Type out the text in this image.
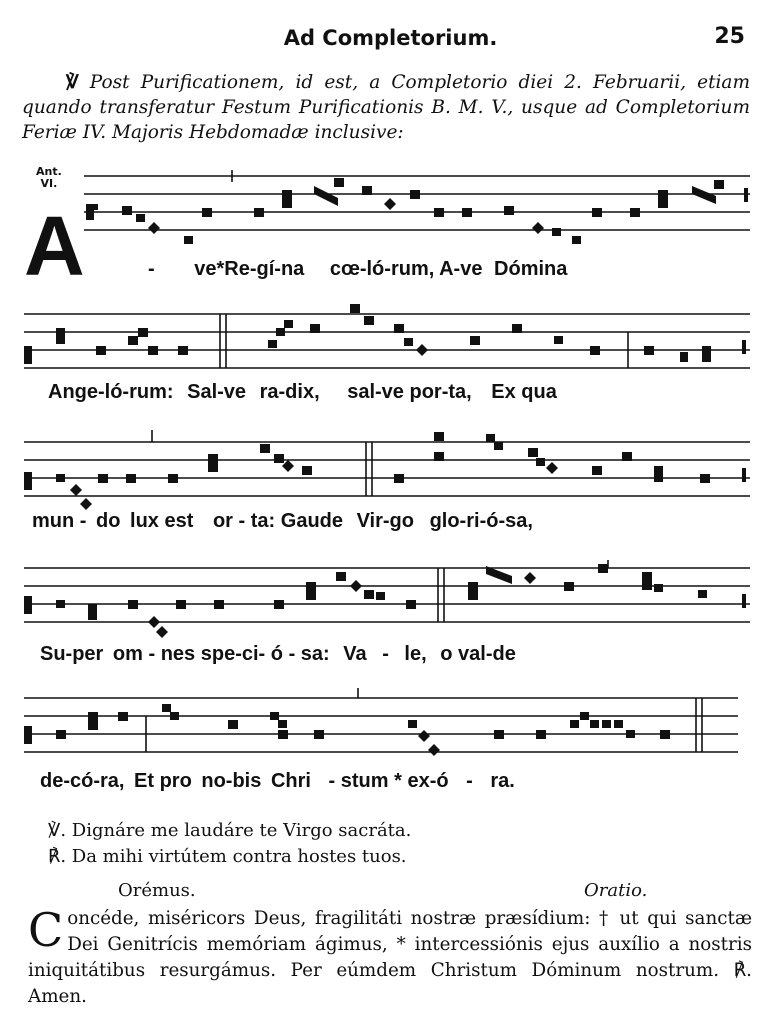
Ad Completorium.	25
℣ Post Purificationem, id est, a Completorio diei 2. Februarii, etiam quando transferatur Festum Purificationis B. M. V., usque ad Completorium Feriæ IV. Majoris Hebdomadæ inclusive:
Ant.
VI.
A	- ve*Re-gí-na cœ-ló-rum, A-ve Dómina
Ange-ló-rum: Sal-ve ra-dix, sal-ve por-ta, Ex qua
mun - do lux est or - ta: Gaude Vir-go glo-ri-ó-sa,
Su-per om - nes spe-ci- ó - sa: Va - le, o val-de
de-có-ra, Et pro no-bis Chri - stum * ex-ó - ra.
℣. Dignáre me laudáre te Virgo sacráta.
℟. Da mihi virtútem contra hostes tuos.
Orémus.	Oratio.
Concéde, miséricors Deus, fragilitáti nostræ præsídium: † ut qui sanctæ Dei Genitrícis memóriam ágimus, * intercessiónis ejus auxílio a nostris iniquitátibus resurgámus. Per eúmdem Christum Dóminum nostrum. ℟. Amen.
